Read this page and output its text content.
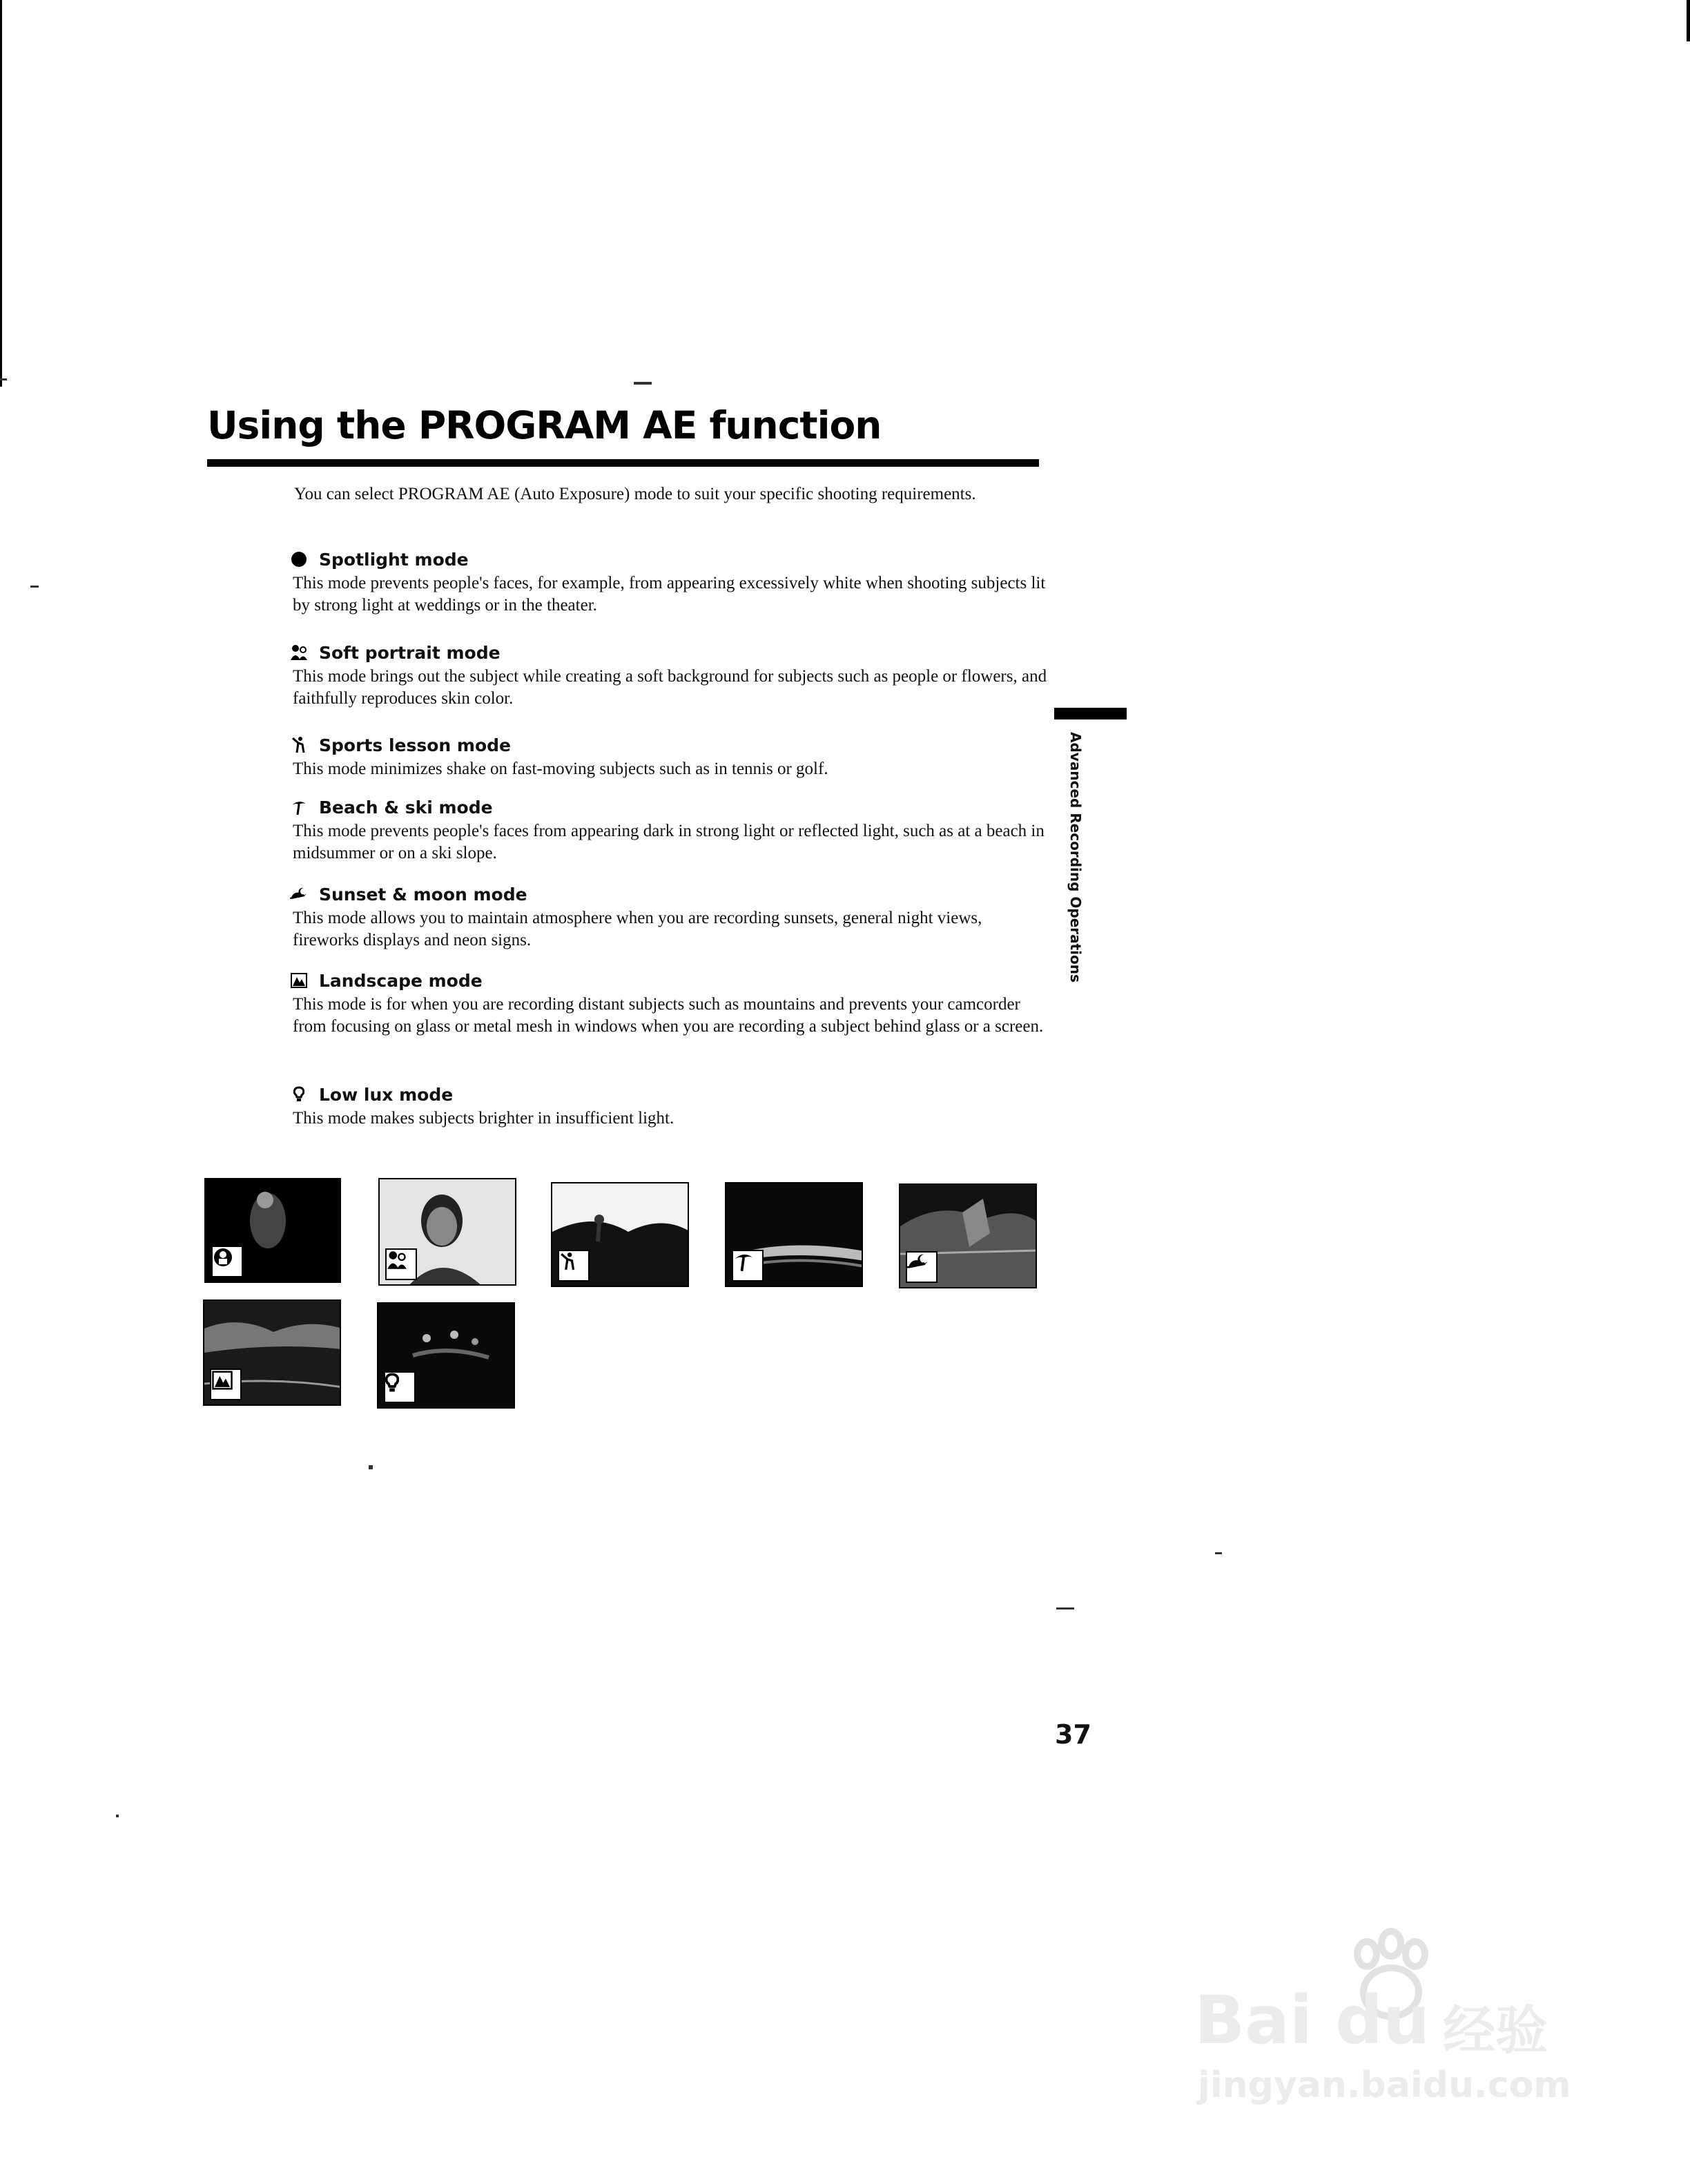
Using the PROGRAM AE function
You can select PROGRAM AE (Auto Exposure) mode to suit your specific shooting requirements.
Spotlight mode
This mode prevents people's faces, for example, from appearing excessively white when shooting subjects lit by strong light at weddings or in the theater.
Soft portrait mode
This mode brings out the subject while creating a soft background for subjects such as people or flowers, and faithfully reproduces skin color.
Sports lesson mode
This mode minimizes shake on fast-moving subjects such as in tennis or golf.
Beach & ski mode
This mode prevents people's faces from appearing dark in strong light or reflected light, such as at a beach in midsummer or on a ski slope.
Sunset & moon mode
This mode allows you to maintain atmosphere when you are recording sunsets, general night views, fireworks displays and neon signs.
Landscape mode
This mode is for when you are recording distant subjects such as mountains and prevents your camcorder from focusing on glass or metal mesh in windows when you are recording a subject behind glass or a screen.
Low lux mode
This mode makes subjects brighter in insufficient light.
Advanced Recording Operations
37
Bai du 经验
jingyan.baidu.com
